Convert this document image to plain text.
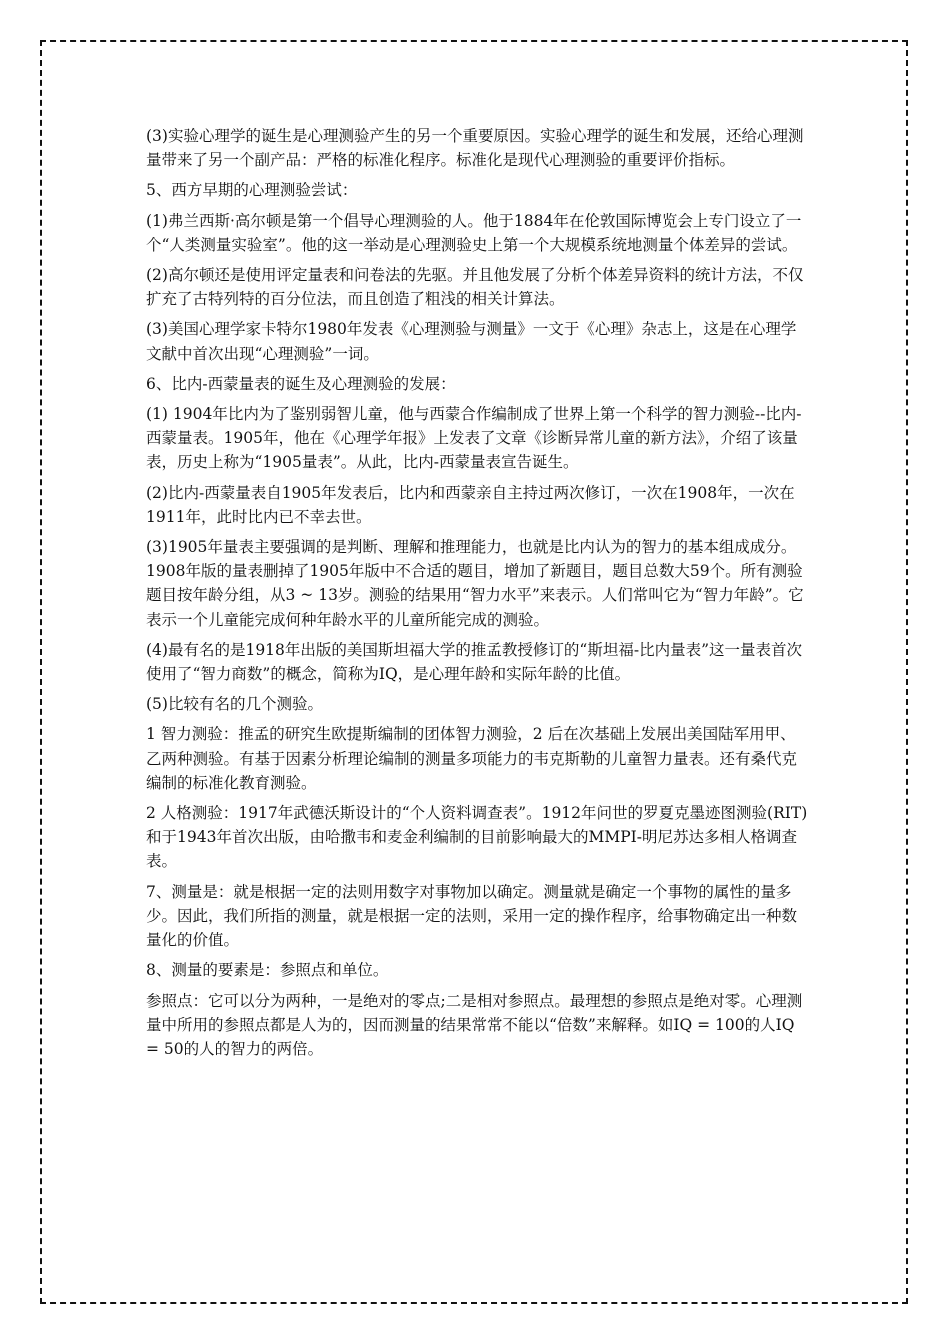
(3)实验心理学的诞生是心理测验产生的另一个重要原因。实验心理学的诞生和发展，还给心理测量带来了另一个副产品：严格的标准化程序。标准化是现代心理测验的重要评价指标。

5、西方早期的心理测验尝试：

(1)弗兰西斯·高尔顿是第一个倡导心理测验的人。他于1884年在伦敦国际博览会上专门设立了一个“人类测量实验室”。他的这一举动是心理测验史上第一个大规模系统地测量个体差异的尝试。

(2)高尔顿还是使用评定量表和问卷法的先驱。并且他发展了分析个体差异资料的统计方法，不仅扩充了古特列特的百分位法，而且创造了粗浅的相关计算法。

(3)美国心理学家卡特尔1980年发表《心理测验与测量》一文于《心理》杂志上，这是在心理学文献中首次出现“心理测验”一词。

6、比内-西蒙量表的诞生及心理测验的发展：

(1) 1904年比内为了鉴别弱智儿童，他与西蒙合作编制成了世界上第一个科学的智力测验--比内-西蒙量表。1905年，他在《心理学年报》上发表了文章《诊断异常儿童的新方法》，介绍了该量表，历史上称为“1905量表”。从此，比内-西蒙量表宣告诞生。

(2)比内-西蒙量表自1905年发表后，比内和西蒙亲自主持过两次修订，一次在1908年，一次在1911年，此时比内已不幸去世。

(3)1905年量表主要强调的是判断、理解和推理能力，也就是比内认为的智力的基本组成成分。1908年版的量表删掉了1905年版中不合适的题目，增加了新题目，题目总数大59个。所有测验题目按年龄分组，从3 ~ 13岁。测验的结果用“智力水平”来表示。人们常叫它为“智力年龄”。它表示一个儿童能完成何种年龄水平的儿童所能完成的测验。

(4)最有名的是1918年出版的美国斯坦福大学的推孟教授修订的“斯坦福-比内量表”这一量表首次使用了“智力商数”的概念，简称为IQ，是心理年龄和实际年龄的比值。

(5)比较有名的几个测验。

1 智力测验：推孟的研究生欧提斯编制的团体智力测验，2 后在次基础上发展出美国陆军用甲、乙两种测验。有基于因素分析理论编制的测量多项能力的韦克斯勒的儿童智力量表。还有桑代克编制的标准化教育测验。

2 人格测验：1917年武德沃斯设计的“个人资料调查表”。1912年问世的罗夏克墨迹图测验(RIT)和于1943年首次出版，由哈撒韦和麦金利编制的目前影响最大的MMPI-明尼苏达多相人格调查表。

7、测量是：就是根据一定的法则用数字对事物加以确定。测量就是确定一个事物的属性的量多少。因此，我们所指的测量，就是根据一定的法则，采用一定的操作程序，给事物确定出一种数量化的价值。

8、测量的要素是：参照点和单位。

参照点：它可以分为两种，一是绝对的零点;二是相对参照点。最理想的参照点是绝对零。心理测量中所用的参照点都是人为的，因而测量的结果常常不能以“倍数”来解释。如IQ = 100的人IQ = 50的人的智力的两倍。
